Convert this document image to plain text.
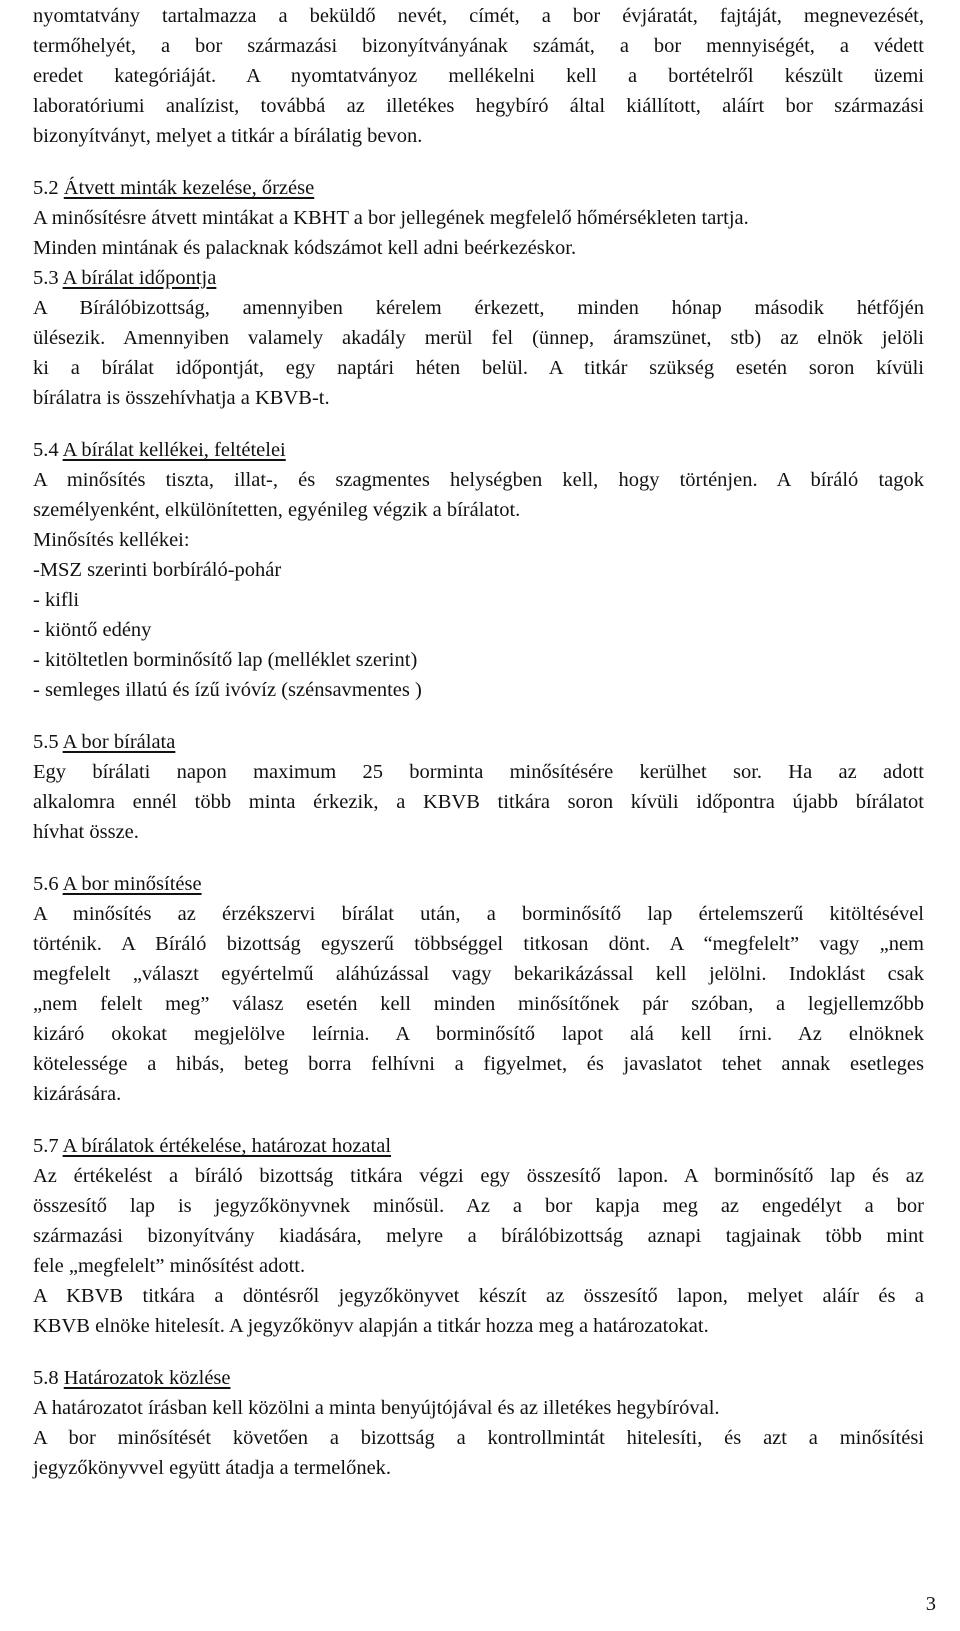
nyomtatvány tartalmazza a beküldő nevét, címét, a bor évjáratát, fajtáját, megnevezését,
termőhelyét, a bor származási bizonyítványának számát, a bor mennyiségét, a védett
eredet kategóriáját. A nyomtatványoz mellékelni kell a bortételről készült üzemi
laboratóriumi analízist, továbbá az illetékes hegybíró által kiállított, aláírt bor származási
bizonyítványt, melyet a titkár a bírálatig bevon.
5.2 Átvett minták kezelése, őrzése
A minősítésre átvett mintákat a KBHT a bor jellegének megfelelő hőmérsékleten tartja.
Minden mintának és palacknak kódszámot kell adni beérkezéskor.
5.3 A bírálat időpontja
A Bírálóbizottság, amennyiben kérelem érkezett, minden hónap második hétfőjén
ülésezik. Amennyiben valamely akadály merül fel (ünnep, áramszünet, stb) az elnök jelöli
ki a bírálat időpontját, egy naptári héten belül. A titkár szükség esetén soron kívüli
bírálatra is összehívhatja a KBVB-t.
5.4 A bírálat kellékei, feltételei
A minősítés tiszta, illat-, és szagmentes helységben kell, hogy történjen. A bíráló tagok
személyenként, elkülönítetten, egyénileg végzik a bírálatot.
Minősítés kellékei:
-MSZ szerinti borbíráló-pohár
- kifli
- kiöntő edény
- kitöltetlen borminősítő lap (melléklet szerint)
- semleges illatú és ízű ivóvíz (szénsavmentes )
5.5 A bor bírálata
Egy bírálati napon maximum 25 borminta minősítésére kerülhet sor. Ha az adott
alkalomra ennél több minta érkezik, a KBVB titkára soron kívüli időpontra újabb bírálatot
hívhat össze.
5.6 A bor minősítése
A minősítés az érzékszervi bírálat után, a borminősítő lap értelemszerű kitöltésével
történik. A Bíráló bizottság egyszerű többséggel titkosan dönt. A “megfelelt” vagy „nem
megfelelt „választ egyértelmű aláhúzással vagy bekarikázással kell jelölni. Indoklást csak
„nem felelt meg” válasz esetén kell minden minősítőnek pár szóban, a legjellemzőbb
kizáró okokat megjelölve leírnia. A borminősítő lapot alá kell írni. Az elnöknek
kötelessége a hibás, beteg borra felhívni a figyelmet, és javaslatot tehet annak esetleges
kizárására.
5.7 A bírálatok értékelése, határozat hozatal
Az értékelést a bíráló bizottság titkára végzi egy összesítő lapon. A borminősítő lap és az
összesítő lap is jegyzőkönyvnek minősül. Az a bor kapja meg az engedélyt a bor
származási bizonyítvány kiadására, melyre a bírálóbizottság aznapi tagjainak több mint
fele „megfelelt” minősítést adott.
A KBVB titkára a döntésről jegyzőkönyvet készít az összesítő lapon, melyet aláír és a
KBVB elnöke hitelesít. A jegyzőkönyv alapján a titkár hozza meg a határozatokat.
5.8 Határozatok közlése
A határozatot írásban kell közölni a minta benyújtójával és az illetékes hegybíróval.
A bor minősítését követően a bizottság a kontrollmintát hitelesíti, és azt a minősítési
jegyzőkönyvvel együtt átadja a termelőnek.
3
